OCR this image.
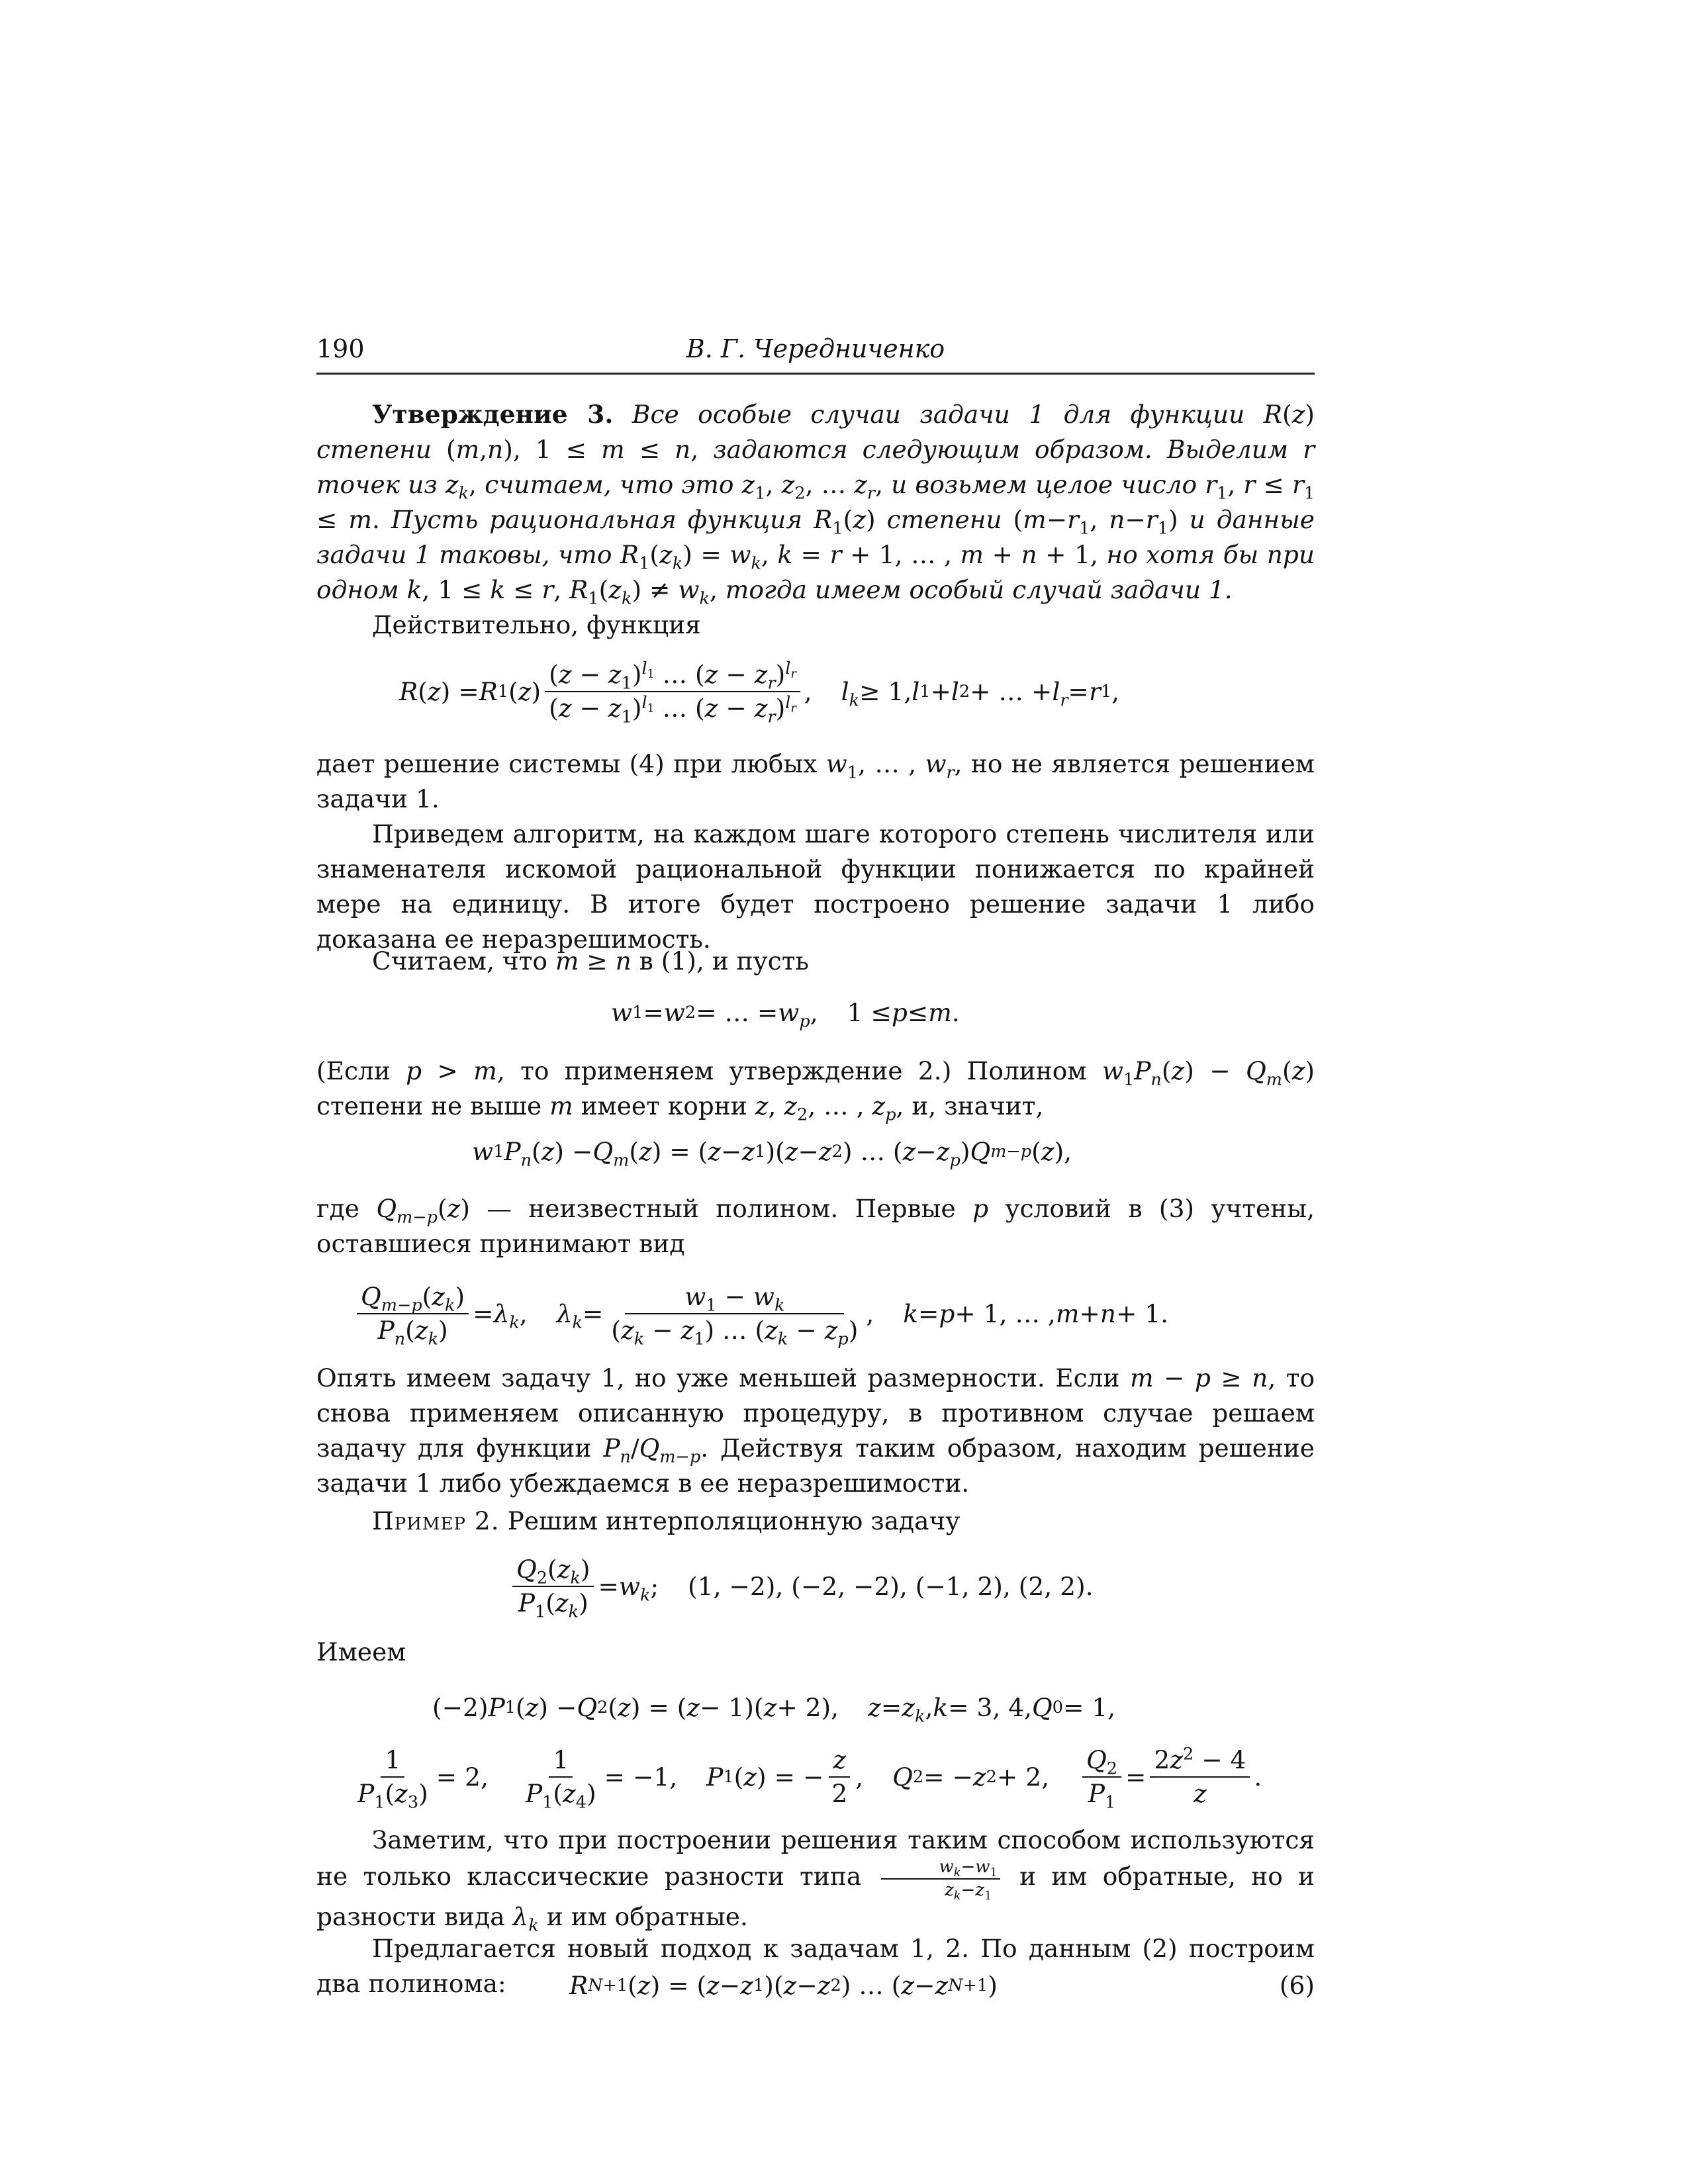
190	В. Г. Чередниченко
Утверждение 3. Все особые случаи задачи 1 для функции R(z) степени (m,n), 1 ≤ m ≤ n, задаются следующим образом. Выделим r точек из $z_k$, считаем, что это $z_1$, $z_2$, … $z_r$, и возьмем целое число $r_1$, $r \le r_1 \le m$. Пусть рациональная функция $R_1(z)$ степени ($m-r_1$, $n-r_1$) и данные задачи 1 таковы, что $R_1(z_k) = w_k$, k = r + 1, … , m + n + 1, но хотя бы при одном k, 1 ≤ k ≤ r, $R_1(z_k) \ne w_k$, тогда имеем особый случай задачи 1.
Действительно, функция
R ( z ) = R 1 ( z ) $\frac{(z - z_1)^{l_1} \dots (z - z_r)^{l_r}}{(z - z_1)^{l_1} \dots (z - z_r)^{l_r}}$ , $l_k \ge 1$, l 1 + l 2 + … + $l_r = r$ 1 ,
дает решение системы (4) при любых $w_1$, … , $w_r$, но не является решением задачи 1.
Приведем алгоритм, на каждом шаге которого степень числителя или знаменателя искомой рациональной функции понижается по крайней мере на единицу. В итоге будет построено решение задачи 1 либо доказана ее неразрешимость.
Считаем, что m ≥ n в (1), и пусть
w 1 = w 2 = … = $w_p$ , 1 ≤ p ≤ m .
(Если p > m, то применяем утверждение 2.) Полином $w_1P_n(z) - Q_m(z)$ степени не выше m имеет корни z, $z_2$, … , $z_p$, и, значит,
w 1 $P_n$ ( z ) − $Q_m$ ( z ) = ( z − z 1 )( z − z 2 ) … ( $z - z_p$ ) Q m−p ( z ),
где $Q_{m-p}(z)$ — неизвестный полином. Первые p условий в (3) учтены, оставшиеся принимают вид
$\frac{Q_{m-p}(z_k)}{P_n(z_k)} = \lambda_k$ , $\lambda_k = \frac{w_1 - w_k}{(z_k - z_1) \dots (z_k - z_p)}$ , k = p + 1, … , m + n + 1.
Опять имеем задачу 1, но уже меньшей размерности. Если m − p ≥ n, то снова применяем описанную процедуру, в противном случае решаем задачу для функции $P_n/Q_{m-p}$. Действуя таким образом, находим решение задачи 1 либо убеждаемся в ее неразрешимости.
Пример 2. Решим интерполяционную задачу
$\frac{Q_2(z_k)}{P_1(z_k)} = w_k$ ; (1, −2), (−2, −2), (−1, 2), (2, 2).
Имеем
(−2) P 1 ( z ) − Q 2 ( z ) = ( z − 1)( z + 2), $z = z_k$ , k = 3, 4, Q 0 = 1,
$\frac{1}{P_1(z_3)} = 2$, $\frac{1}{P_1(z_4)} = -1$, P 1 ( z ) = − $\frac{z}{2}$ , Q 2 = − z 2 + 2, $\frac{Q_2}{P_1} = \frac{2z^2 - 4}{z}$ .
Заметим, что при построении решения таким способом используются не только классические разности типа $\frac{w_k-w_1}{z_k-z_1}$ и им обратные, но и разности вида $\lambda_k$ и им обратные.
Предлагается новый подход к задачам 1, 2. По данным (2) построим два полинома:	R N+1 ( z ) = ( z − z 1 )( z − z 2 ) … ( z − z N+1 )	(6)
